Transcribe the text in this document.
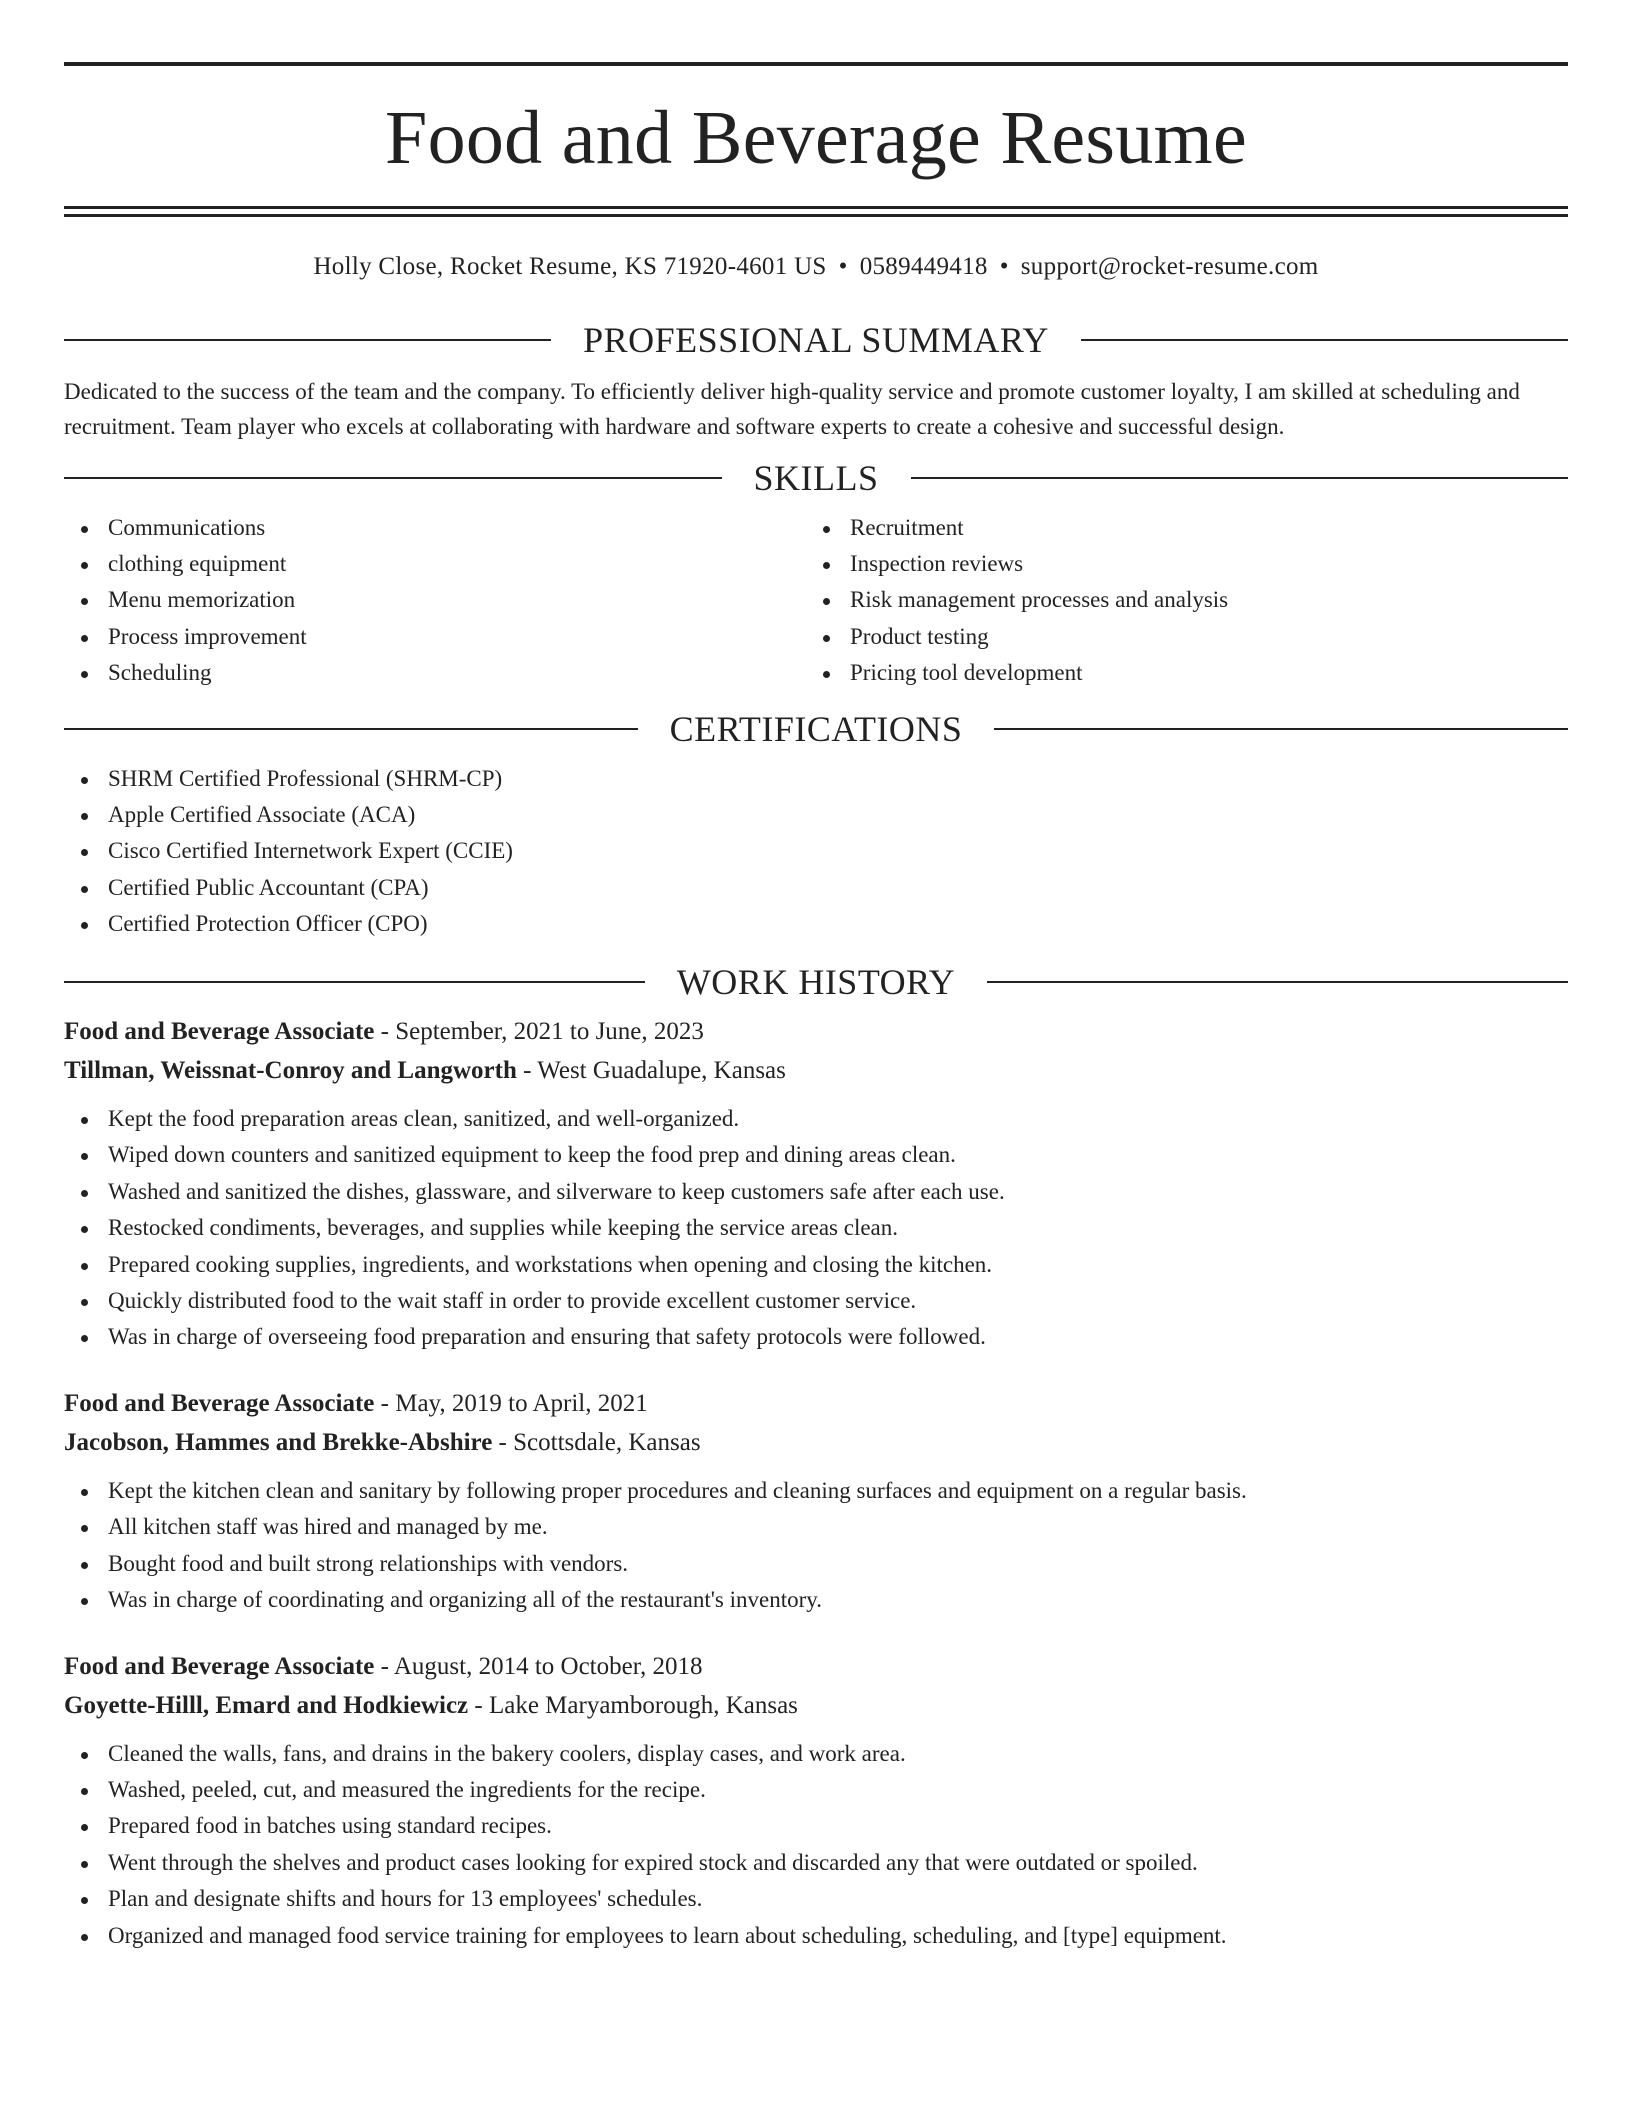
Food and Beverage Resume
Holly Close, Rocket Resume, KS 71920-4601 US • 0589449418 • support@rocket-resume.com
PROFESSIONAL SUMMARY

Dedicated to the success of the team and the company. To efficiently deliver high-quality service and promote customer loyalty, I am skilled at scheduling and recruitment. Team player who excels at collaborating with hardware and software experts to create a cohesive and successful design.

SKILLS
Communications
clothing equipment
Menu memorization
Process improvement
Scheduling
Recruitment
Inspection reviews
Risk management processes and analysis
Product testing
Pricing tool development
CERTIFICATIONS
SHRM Certified Professional (SHRM-CP)
Apple Certified Associate (ACA)
Cisco Certified Internetwork Expert (CCIE)
Certified Public Accountant (CPA)
Certified Protection Officer (CPO)
WORK HISTORY
Food and Beverage Associate - September, 2021 to June, 2023
Tillman, Weissnat-Conroy and Langworth - West Guadalupe, Kansas
Kept the food preparation areas clean, sanitized, and well-organized.
Wiped down counters and sanitized equipment to keep the food prep and dining areas clean.
Washed and sanitized the dishes, glassware, and silverware to keep customers safe after each use.
Restocked condiments, beverages, and supplies while keeping the service areas clean.
Prepared cooking supplies, ingredients, and workstations when opening and closing the kitchen.
Quickly distributed food to the wait staff in order to provide excellent customer service.
Was in charge of overseeing food preparation and ensuring that safety protocols were followed.
Food and Beverage Associate - May, 2019 to April, 2021
Jacobson, Hammes and Brekke-Abshire - Scottsdale, Kansas
Kept the kitchen clean and sanitary by following proper procedures and cleaning surfaces and equipment on a regular basis.
All kitchen staff was hired and managed by me.
Bought food and built strong relationships with vendors.
Was in charge of coordinating and organizing all of the restaurant's inventory.
Food and Beverage Associate - August, 2014 to October, 2018
Goyette-Hilll, Emard and Hodkiewicz - Lake Maryamborough, Kansas
Cleaned the walls, fans, and drains in the bakery coolers, display cases, and work area.
Washed, peeled, cut, and measured the ingredients for the recipe.
Prepared food in batches using standard recipes.
Went through the shelves and product cases looking for expired stock and discarded any that were outdated or spoiled.
Plan and designate shifts and hours for 13 employees' schedules.
Organized and managed food service training for employees to learn about scheduling, scheduling, and [type] equipment.
